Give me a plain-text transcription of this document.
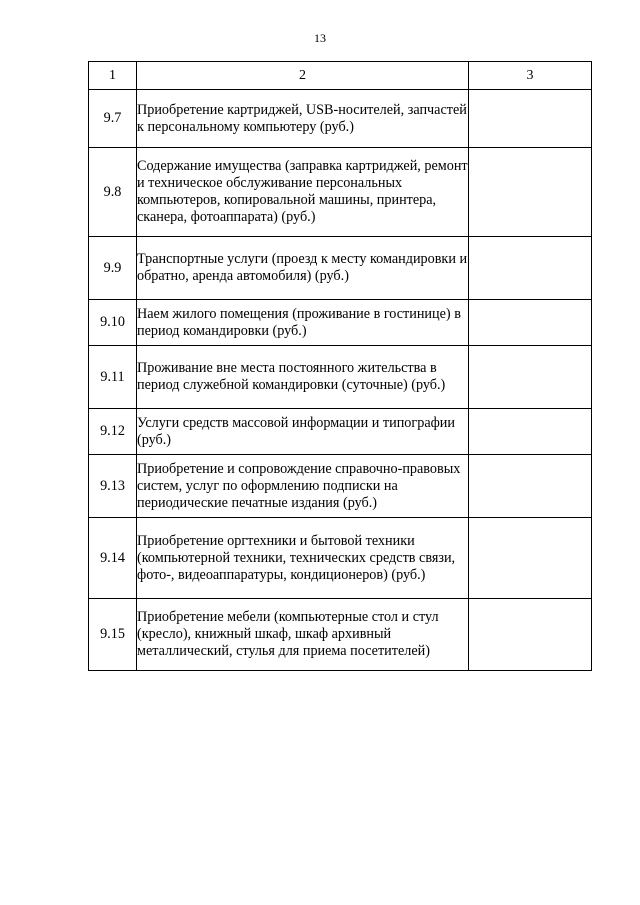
13
1	2	3
9.7	Приобретение картриджей, USB-носителей, запчастей к персональному компьютеру (руб.)	
9.8	Содержание имущества (заправка картриджей, ремонт и техническое обслуживание персональных компьютеров, копировальной машины, принтера, сканера, фотоаппарата) (руб.)	
9.9	Транспортные услуги (проезд к месту командировки и обратно, аренда автомобиля) (руб.)	
9.10	Наем жилого помещения (проживание в гостинице) в период командировки (руб.)	
9.11	Проживание вне места постоянного жительства в период служебной командировки (суточные) (руб.)	
9.12	Услуги средств массовой информации и типографии (руб.)	
9.13	Приобретение и сопровождение справочно-правовых систем, услуг по оформлению подписки на периодические печатные издания (руб.)	
9.14	Приобретение оргтехники и бытовой техники (компьютерной техники, технических средств связи, фото-, видеоаппаратуры, кондиционеров) (руб.)	
9.15	Приобретение мебели (компьютерные стол и стул (кресло), книжный шкаф, шкаф архивный металлический, стулья для приема посетителей)	
